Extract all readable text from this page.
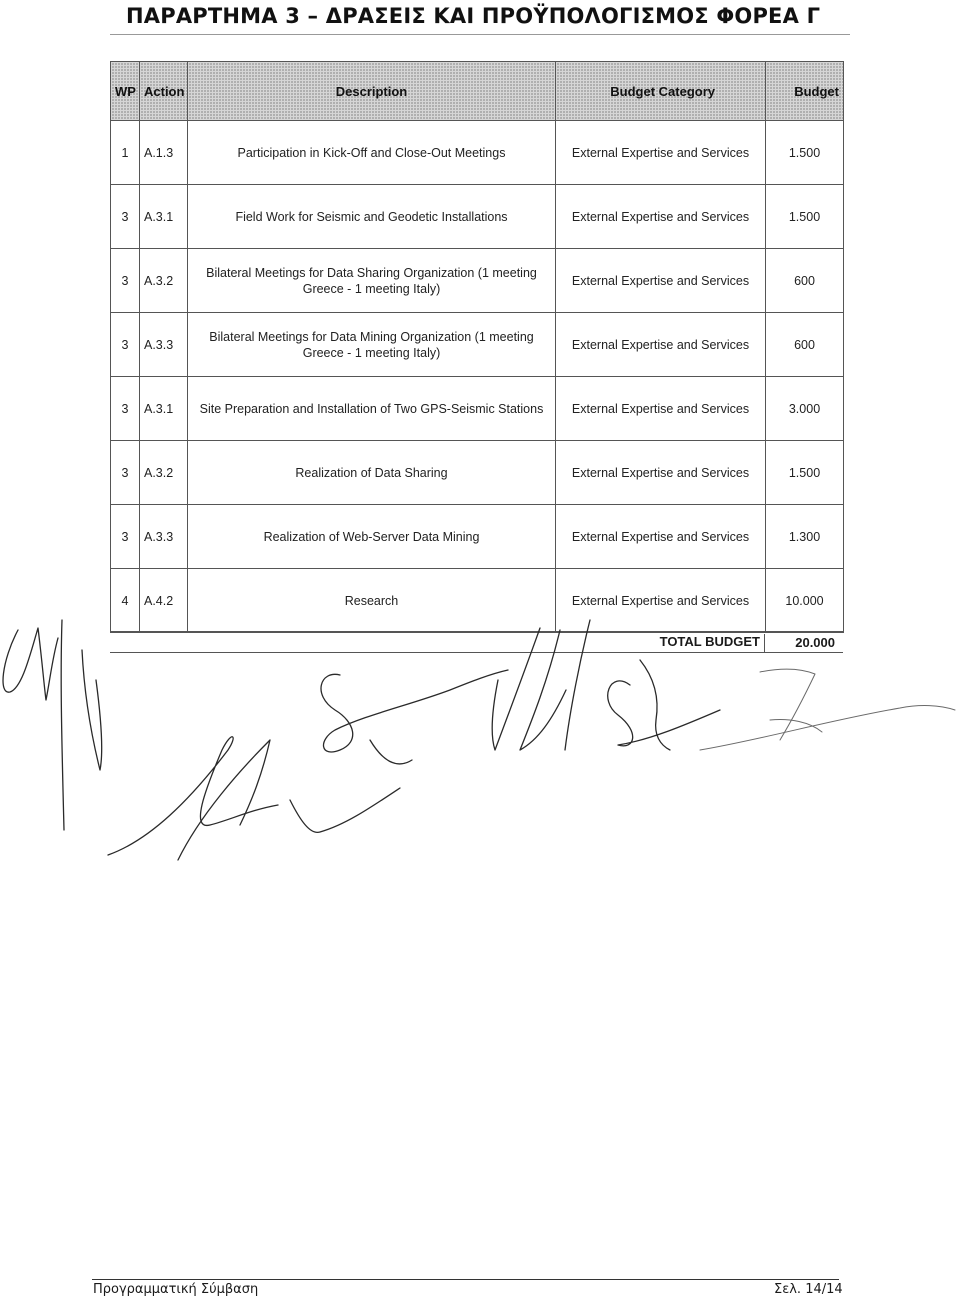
ΠΑΡΑΡΤΗΜΑ 3 – ΔΡΑΣΕΙΣ ΚΑΙ ΠΡΟΫΠΟΛΟΓΙΣΜΟΣ ΦΟΡΕΑ Γ
WP	Action	Description	Budget Category	Budget
1	A.1.3	Participation in Kick-Off and Close-Out Meetings	External Expertise and Services	1.500
3	A.3.1	Field Work for Seismic and Geodetic Installations	External Expertise and Services	1.500
3	A.3.2	Bilateral Meetings for Data Sharing Organization (1 meeting Greece - 1 meeting Italy)	External Expertise and Services	600
3	A.3.3	Bilateral Meetings for Data Mining Organization (1 meeting Greece - 1 meeting Italy)	External Expertise and Services	600
3	A.3.1	Site Preparation and Installation of Two GPS-Seismic Stations	External Expertise and Services	3.000
3	A.3.2	Realization of Data Sharing	External Expertise and Services	1.500
3	A.3.3	Realization of Web-Server Data Mining	External Expertise and Services	1.300
4	A.4.2	Research	External Expertise and Services	10.000
TOTAL BUDGET	20.000
Προγραμματική Σύμβαση	Σελ. 14/14
